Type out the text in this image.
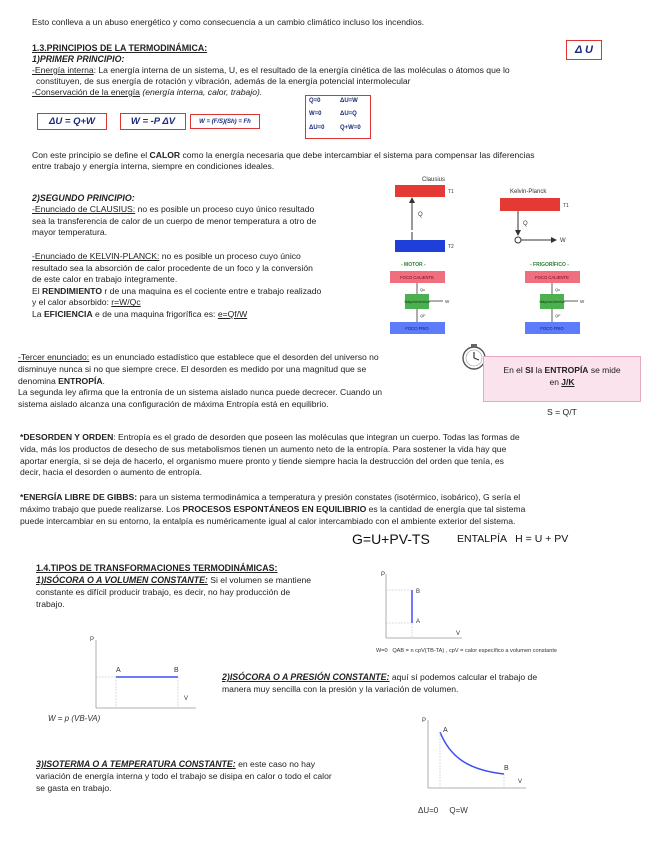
Esto conlleva a un abuso energético y como consecuencia a un cambio climático incluso los incendios.
1.3.PRINCIPIOS DE LA TERMODINÁMICA:
1)PRIMER PRINCIPIO:
Δ U
-Energía interna: La energía interna de un sistema, U, es el resultado de la energía cinética de las moléculas o átomos que lo
constituyen, de sus energía de rotación y vibración, además de la energía potencial intermolecular
-Conservación de la energía (energía interna, calor, trabajo).
ΔU = Q+W	W = -P ΔV	W = (F/S)(Sh) = Fh
Q=0	ΔU=W
W=0	ΔU=Q
ΔU=0	Q+W=0
Con este principio se define el CALOR como la energía necesaria que debe intercambiar el sistema para compensar las diferencias
entre trabajo y energía interna, siempre en condiciones ideales.
2)SEGUNDO PRINCIPIO:
-Enunciado de CLAUSIUS: no es posible un proceso cuyo único resultado
sea la transferencia de calor de un cuerpo de menor temperatura a otro de
mayor temperatura.
-Enunciado de KELVIN-PLANCK: no es posible un proceso cuyo único
resultado sea la absorción de calor procedente de un foco y la conversión
de este calor en trabajo íntegramente.
El RENDIMIENTO r de una maquina es el cociente entre e trabajo realizado
y el calor absorbido: r=W/Qc
La EFICIENCIA e de una maquina frigorífica es: e=Qf/W
Clausius
T1
Q
T2
Kelvin-Planck
T1
Q
W
- MOTOR -
FOCO CALIENTE
Qc
Máquina térmica	W
QF
FOCO FRIO
- FRIGORÍFICO -
FOCO CALIENTE
Qc
Máquina térmica	W
QF
FOCO FRIO
-Tercer enunciado: es un enunciado estadístico que establece que el desorden del universo no
disminuye nunca si no que siempre crece. El desorden es medido por una magnitud que se
denomina ENTROPÍA.
La segunda ley afirma que la entronía de un sistema aislado nunca puede decrecer. Cuando un
sistema aislado alcanza una configuración de máxima Entropía está en equilibrio.
En el SI la ENTROPÍA se mide
en J/K
S = Q/T
*DESORDEN Y ORDEN: Entropía es el grado de desorden que poseen las moléculas que integran un cuerpo. Todas las formas de
vida, más los productos de desecho de sus metabolismos tienen un aumento neto de la entropía. Para sostener la vida hay que
aportar energía, si se deja de hacerlo, el organismo muere pronto y tiende siempre hacia la destrucción del orden que tenía, es
decir, hacia el desorden o aumento de entropía.
*ENERGÍA LIBRE DE GIBBS: para un sistema termodinámica a temperatura y presión constates (isotérmico, isobárico), G sería el
máximo trabajo que puede realizarse. Los PROCESOS ESPONTÁNEOS EN EQUILIBRIO es la cantidad de energía que tal sistema
puede intercambiar en su entorno, la entalpía es numéricamente igual al calor intercambiado con el ambiente exterior del sistema.
G=U+PV-TS	ENTALPÍA   H = U + PV
1.4.TIPOS DE TRANSFORMACIONES TERMODINÁMICAS:
1)ISÓCORA O A VOLUMEN CONSTANTE: Si el volumen se mantiene
constante es difícil producir trabajo, es decir, no hay producción de
trabajo.
P
V
B
A
W=0   QAB = n cpV(TB-TA) , cpV = calor específico a volumen constante
P
V
A	B
W = p (VB-VA)
2)ISÓCORA O A PRESIÓN CONSTANTE: aquí sí podemos calcular el trabajo de
manera muy sencilla con la presión y la variación de volumen.
3)ISOTERMA O A TEMPERATURA CONSTANTE: en este caso no hay
variación de energía interna y todo el trabajo se disipa en calor o todo el calor
se gasta en trabajo.
P
V
A
B
ΔU=0     Q=W
